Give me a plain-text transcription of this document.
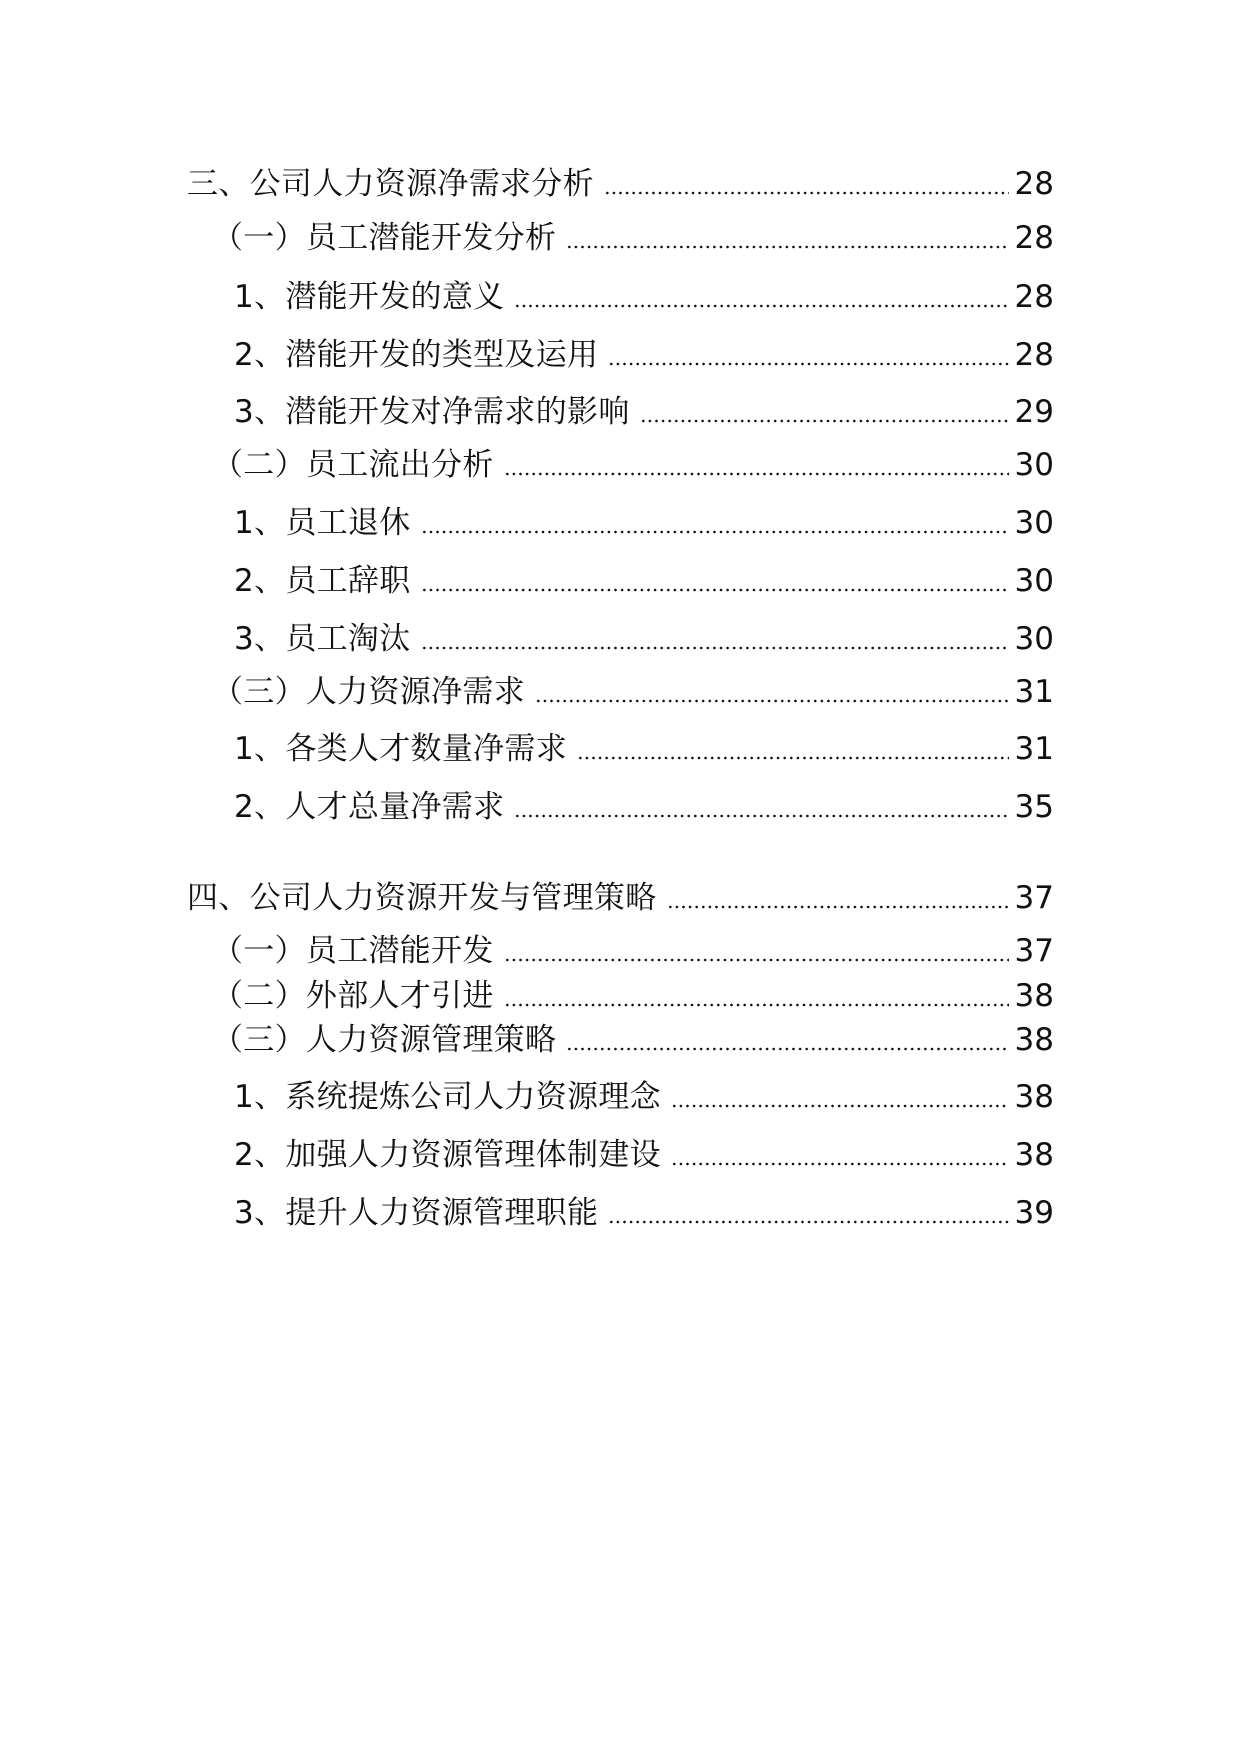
三、公司人力资源净需求分析	28
（一）员工潜能开发分析	28
1、潜能开发的意义	28
2、潜能开发的类型及运用	28
3、潜能开发对净需求的影响	29
（二）员工流出分析	30
1、员工退休	30
2、员工辞职	30
3、员工淘汰	30
（三）人力资源净需求	31
1、各类人才数量净需求	31
2、人才总量净需求	35
四、公司人力资源开发与管理策略	37
（一）员工潜能开发	37
（二）外部人才引进	38
（三）人力资源管理策略	38
1、系统提炼公司人力资源理念	38
2、加强人力资源管理体制建设	38
3、提升人力资源管理职能	39
